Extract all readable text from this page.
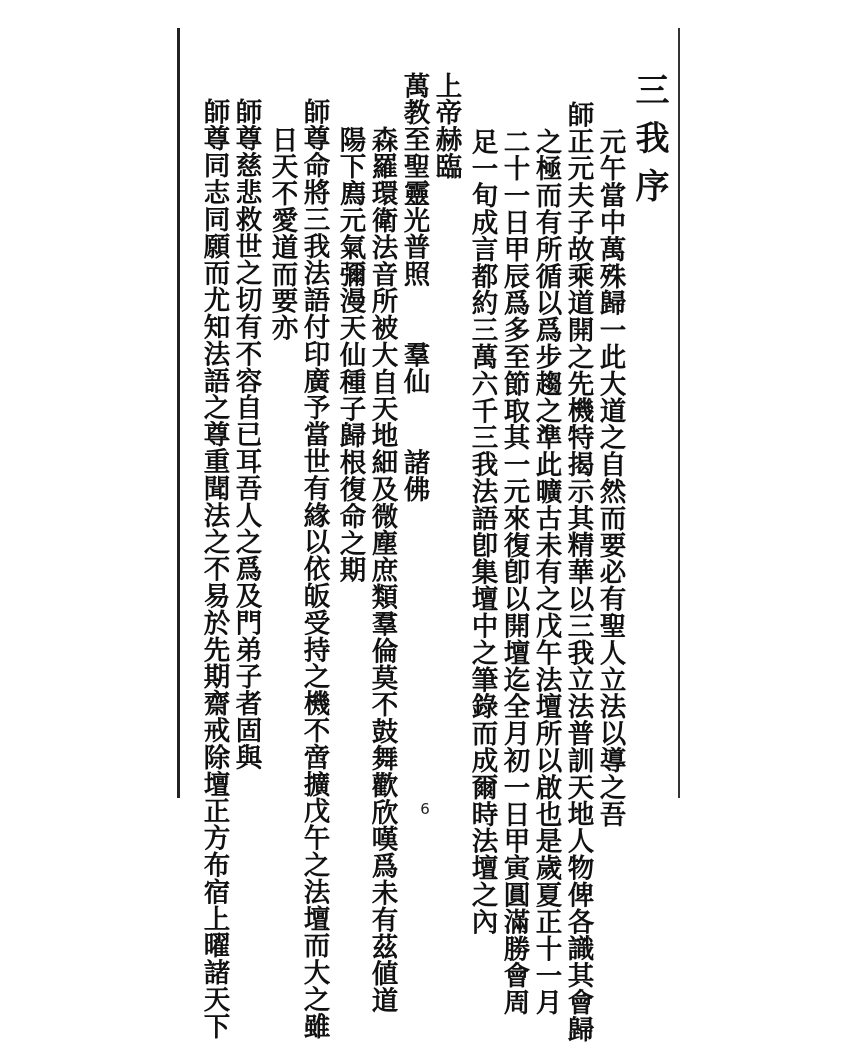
三我序
元午當中萬殊歸一此大道之自然而要必有聖人立法以導之吾
師正元夫子故乘道開之先機特揭示其精華以三我立法普訓天地人物俾各識其會歸
之極而有所循以爲步趨之準此曠古未有之戊午法壇所以啟也是歲夏正十一月
二十一日甲辰爲多至節取其一元來復卽以開壇迄全月初一日甲寅圓滿勝會周
足一旬成言都約三萬六千三我法語卽集壇中之筆錄而成爾時法壇之內
上帝赫臨
萬教至聖靈光普照　　羣仙　　諸佛
森羅環衛法音所被大自天地細及微塵庶類羣倫莫不鼓舞歡欣嘆爲未有茲値道
陽下廌元氣彌漫天仙種子歸根復命之期
師尊命將三我法語付印廣予當世有緣以依皈受持之機不啻擴戊午之法壇而大之雖
日天不愛道而要亦
師尊慈悲救世之切有不容自已耳吾人之爲及門弟子者固與
師尊同志同願而尤知法語之尊重聞法之不易於先期齋戒除壇正方布宿上曜諸天下	6
